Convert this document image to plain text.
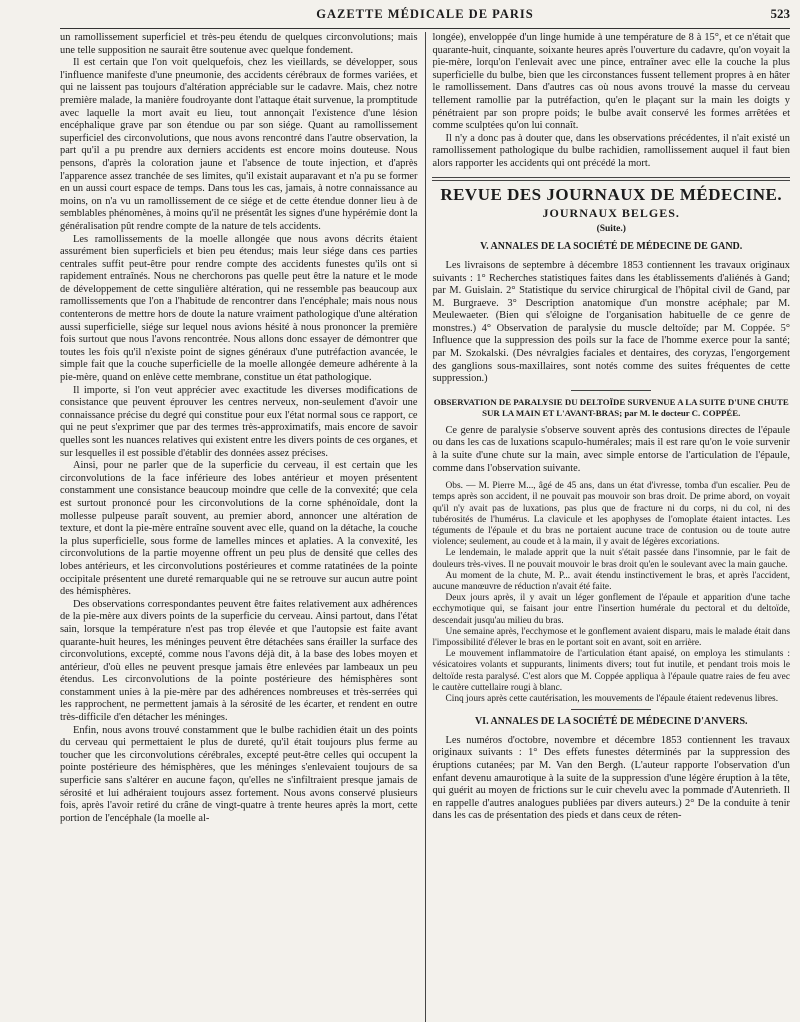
GAZETTE MÉDICALE DE PARIS	523

un ramollissement superficiel et très-peu étendu de quelques circonvolutions; mais une telle supposition ne saurait être soutenue avec quelque fondement.

Il est certain que l'on voit quelquefois, chez les vieillards, se développer, sous l'influence manifeste d'une pneumonie, des accidents cérébraux de formes variées, et qui ne laissent pas toujours d'altération appréciable sur le cadavre. Mais, chez notre première malade, la manière foudroyante dont l'attaque était survenue, la promptitude avec laquelle la mort avait eu lieu, tout annonçait l'existence d'une lésion encéphalique grave par son étendue ou par son siége. Quant au ramollissement superficiel des circonvolutions, que nous avons rencontré dans l'autre observation, la part qu'il a pu prendre aux derniers accidents est encore moins douteuse. Nous pensons, d'après la coloration jaune et l'absence de toute injection, et d'après l'apparence assez tranchée de ses limites, qu'il existait auparavant et n'a pu se former en un aussi court espace de temps. Dans tous les cas, jamais, à notre connaissance au moins, on n'a vu un ramollissement de ce siége et de cette étendue donner lieu à de semblables phénomènes, à moins qu'il ne présentât les signes d'une hypérémie dont la généralisation pût rendre compte de la nature de tels accidents.

Les ramollissements de la moelle allongée que nous avons décrits étaient assurément bien superficiels et bien peu étendus; mais leur siége dans ces parties centrales suffit peut-être pour rendre compte des accidents funestes qu'ils ont si rapidement entraînés. Nous ne cherchorons pas quelle peut être la nature et le mode de développement de cette singulière altération, qui ne ressemble pas beaucoup aux ramollissements que l'on a l'habitude de rencontrer dans l'encéphale; mais nous nous contenterons de mettre hors de doute la nature vraiment pathologique d'une altération aussi superficielle, siége sur lequel nous avions hésité à nous prononcer la première fois surtout que nous l'avons rencontrée. Nous allons donc essayer de démontrer que toutes les fois qu'il n'existe point de signes généraux d'une putréfaction avancée, le simple fait que la couche superficielle de la moelle allongée demeure adhérente à la pie-mère, quand on enlève cette membrane, constitue un état pathologique.

Il importe, si l'on veut apprécier avec exactitude les diverses modifications de consistance que peuvent éprouver les centres nerveux, non-seulement d'avoir une connaissance précise du degré qui constitue pour eux l'état normal sous ce rapport, ce qui ne peut s'exprimer que par des termes très-approximatifs, mais encore de savoir quelles sont les nuances relatives qui existent entre les divers points de ces organes, et sur lesquelles il est possible d'établir des données assez précises.

Ainsi, pour ne parler que de la superficie du cerveau, il est certain que les circonvolutions de la face inférieure des lobes antérieur et moyen présentent constamment une consistance beaucoup moindre que celle de la convexité; que cela est surtout prononcé pour les circonvolutions de la corne sphénoïdale, dont la mollesse pulpeuse paraît souvent, au premier abord, annoncer une altération de texture, et dont la pie-mère entraîne souvent avec elle, quand on la détache, la couche la plus superficielle, sous forme de lamelles minces et aplaties. A la convexité, les circonvolutions de la partie moyenne offrent un peu plus de densité que celles des lobes antérieurs, et les circonvolutions postérieures et comme ratatinées de la pointe occipitale présentent une dureté remarquable qui ne se retrouve sur aucun autre point des hémisphères.

Des observations correspondantes peuvent être faites relativement aux adhérences de la pie-mère aux divers points de la superficie du cerveau. Ainsi partout, dans l'état sain, lorsque la température n'est pas trop élevée et que l'autopsie est faite avant quarante-huit heures, les méninges peuvent être détachées sans érailler la surface des circonvolutions, excepté, comme nous l'avons déjà dit, à la base des lobes moyen et antérieur, d'où elles ne peuvent presque jamais être enlevées par lambeaux un peu étendus. Les circonvolutions de la pointe postérieure des hémisphères sont constamment unies à la pie-mère par des adhérences nombreuses et très-serrées qui les rapprochent, ne permettent jamais à la sérosité de les écarter, et rendent en outre très-difficile d'en détacher les méninges.

Enfin, nous avons trouvé constamment que le bulbe rachidien était un des points du cerveau qui permettaient le plus de dureté, qu'il était toujours plus ferme au toucher que les circonvolutions cérébrales, excepté peut-être celles qui occupent la pointe postérieure des hémisphères, que les méninges s'enlevaient toujours de sa superficie sans s'altérer en aucune façon, qu'elles ne s'infiltraient presque jamais de sérosité et lui adhéraient toujours assez fortement. Nous avons conservé plusieurs fois, après l'avoir retiré du crâne de vingt-quatre à trente heures après la mort, cette portion de l'encéphale (la moelle al-

longée), enveloppée d'un linge humide à une température de 8 à 15°, et ce n'était que quarante-huit, cinquante, soixante heures après l'ouverture du cadavre, qu'on voyait la pie-mère, lorqu'on l'enlevait avec une pince, entraîner avec elle la couche la plus superficielle du bulbe, bien que les circonstances fussent tellement propres à en hâter le ramollissement. Dans d'autres cas où nous avons trouvé la masse du cerveau tellement ramollie par la putréfaction, qu'en le plaçant sur la main les doigts y pénétraient par son propre poids; le bulbe avait conservé les formes arrêtées et comme sculptées qu'on lui connaît.

Il n'y a donc pas à douter que, dans les observations précédentes, il n'ait existé un ramollissement pathologique du bulbe rachidien, ramollissement auquel il faut bien alors rapporter les accidents qui ont précédé la mort.

REVUE DES JOURNAUX DE MÉDECINE.
JOURNAUX BELGES.
(Suite.)
V. ANNALES DE LA SOCIÉTÉ DE MÉDECINE DE GAND.

Les livraisons de septembre à décembre 1853 contiennent les travaux originaux suivants : 1° Recherches statistiques faites dans les établissements d'aliénés à Gand; par M. Guislain. 2° Statistique du service chirurgical de l'hôpital civil de Gand, par M. Burgraeve. 3° Description anatomique d'un monstre acéphale; par M. Meulewaeter. (Bien qui s'éloigne de l'organisation habituelle de ce genre de monstres.) 4° Observation de paralysie du muscle deltoïde; par M. Coppée. 5° Influence que la suppression des poils sur la face de l'homme exerce pour la santé; par M. Szokalski. (Des névralgies faciales et dentaires, des coryzas, l'engorgement des ganglions sous-maxillaires, sont notés comme des suites fréquentes de cette suppression.)

OBSERVATION DE PARALYSIE DU DELTOÏDE SURVENUE A LA SUITE D'UNE CHUTE SUR LA MAIN ET L'AVANT-BRAS; par M. le docteur C. COPPÉE.

Ce genre de paralysie s'observe souvent après des contusions directes de l'épaule ou dans les cas de luxations scapulo-humérales; mais il est rare qu'on le voie survenir à la suite d'une chute sur la main, avec simple entorse de l'articulation de l'épaule, comme dans l'observation suivante.

Obs. — M. Pierre M..., âgé de 45 ans, dans un état d'ivresse, tomba d'un escalier. Peu de temps après son accident, il ne pouvait pas mouvoir son bras droit. De prime abord, on voyait qu'il n'y avait pas de luxations, pas plus que de fracture ni du corps, ni du col, ni des tubérosités de l'humérus. La clavicule et les apophyses de l'omoplate étaient intactes. Les téguments de l'épaule et du bras ne portaient aucune trace de contusion ou de toute autre violence; seulement, au coude et à la main, il y avait de légères excoriations.

Le lendemain, le malade apprit que la nuit s'était passée dans l'insomnie, par le fait de douleurs très-vives. Il ne pouvait mouvoir le bras droit qu'en le soulevant avec la main gauche.

Au moment de la chute, M. P... avait étendu instinctivement le bras, et après l'accident, aucune manœuvre de réduction n'avait été faite.

Deux jours après, il y avait un léger gonflement de l'épaule et apparition d'une tache ecchymotique qui, se faisant jour entre l'insertion humérale du pectoral et du deltoïde, descendait jusqu'au milieu du bras.

Une semaine après, l'ecchymose et le gonflement avaient disparu, mais le malade était dans l'impossibilité d'élever le bras en le portant soit en avant, soit en arrière.

Le mouvement inflammatoire de l'articulation étant apaisé, on employa les stimulants : vésicatoires volants et suppurants, liniments divers; tout fut inutile, et pendant trois mois le deltoïde resta paralysé. C'est alors que M. Coppée appliqua à l'épaule quatre raies de feu avec le cautère cuttellaire rougi à blanc.

Cinq jours après cette cautérisation, les mouvements de l'épaule étaient redevenus libres.

VI. ANNALES DE LA SOCIÉTÉ DE MÉDECINE D'ANVERS.

Les numéros d'octobre, novembre et décembre 1853 contiennent les travaux originaux suivants : 1° Des effets funestes déterminés par la suppression des éruptions cutanées; par M. Van den Bergh. (L'auteur rapporte l'observation d'un enfant devenu amaurotique à la suite de la suppression d'une légère éruption à la tête, qui guérit au moyen de frictions sur le cuir chevelu avec la pommade d'Autenrieth. Il en rappelle d'autres analogues publiées par divers auteurs.) 2° De la conduite à tenir dans les cas de présentation des pieds et dans ceux de réten-
